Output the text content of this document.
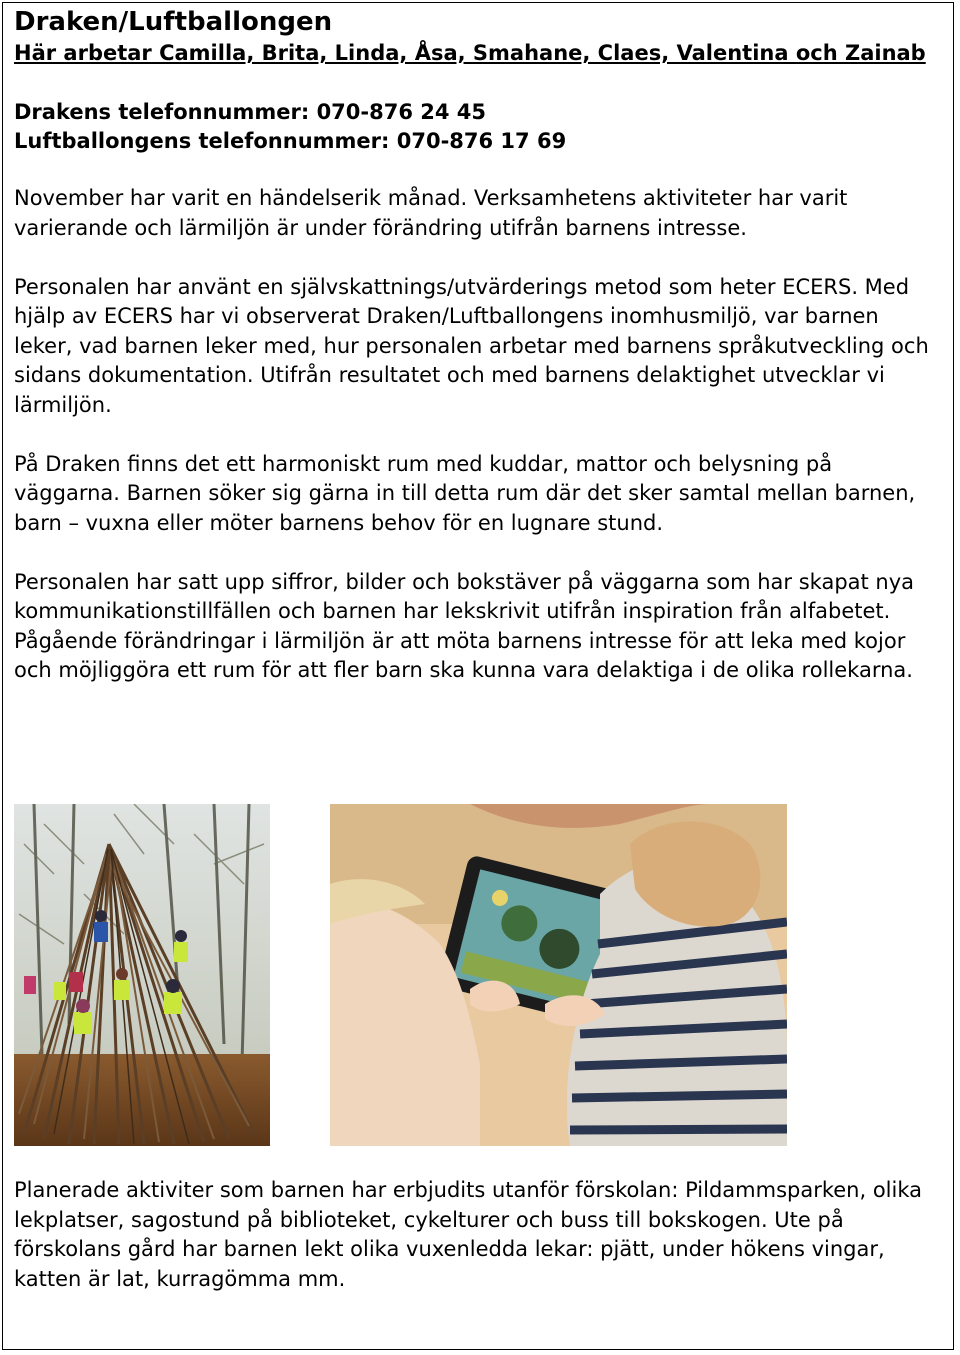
Draken/Luftballongen
Här arbetar Camilla, Brita, Linda, Åsa, Smahane, Claes, Valentina och Zainab
Drakens telefonnummer: 070-876 24 45
Luftballongens telefonnummer: 070-876 17 69

November har varit en händelserik månad. Verksamhetens aktiviteter har varit varierande och lärmiljön är under förändring utifrån barnens intresse.

Personalen har använt en självskattnings/utvärderings metod som heter ECERS. Med hjälp av ECERS har vi observerat Draken/Luftballongens inomhusmiljö, var barnen leker, vad barnen leker med, hur personalen arbetar med barnens språkutveckling och sidans dokumentation. Utifrån resultatet och med barnens delaktighet utvecklar vi lärmiljön.

På Draken finns det ett harmoniskt rum med kuddar, mattor och belysning på väggarna. Barnen söker sig gärna in till detta rum där det sker samtal mellan barnen, barn – vuxna eller möter barnens behov för en lugnare stund.

Personalen har satt upp siffror, bilder och bokstäver på väggarna som har skapat nya kommunikationstillfällen och barnen har lekskrivit utifrån inspiration från alfabetet. Pågående förändringar i lärmiljön är att möta barnens intresse för att leka med kojor och möjliggöra ett rum för att fler barn ska kunna vara delaktiga i de olika rollekarna.

Planerade aktiviter som barnen har erbjudits utanför förskolan: Pildammsparken, olika lekplatser, sagostund på biblioteket, cykelturer och buss till bokskogen. Ute på förskolans gård har barnen lekt olika vuxenledda lekar: pjätt, under hökens vingar, katten är lat, kurragömma mm.
